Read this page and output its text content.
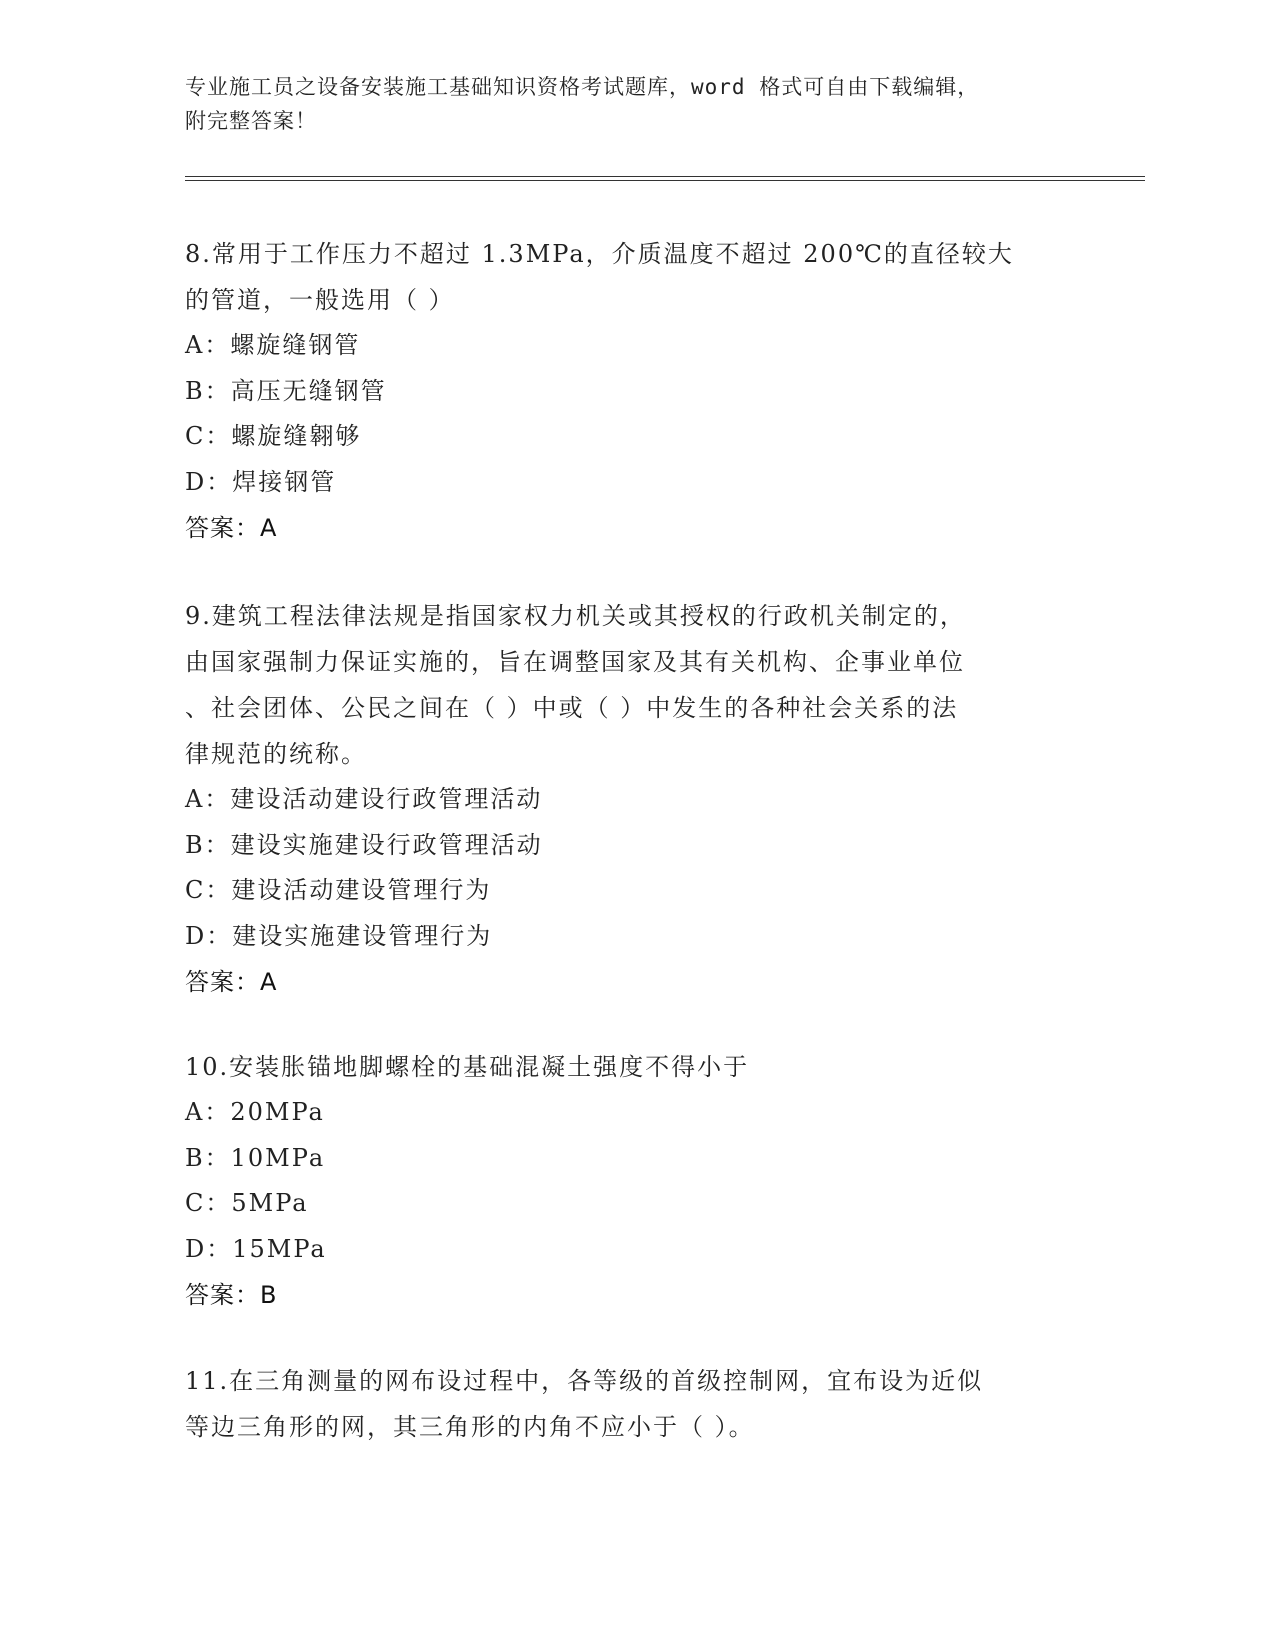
专业施工员之设备安装施工基础知识资格考试题库，word 格式可自由下载编辑，
附完整答案！

8.常用于工作压力不超过 1.3MPa，介质温度不超过 200℃的直径较大

的管道，一般选用（ ）

A：螺旋缝钢管

B：高压无缝钢管

C：螺旋缝翱够

D：焊接钢管

答案：A

9.建筑工程法律法规是指国家权力机关或其授权的行政机关制定的，

由国家强制力保证实施的，旨在调整国家及其有关机构、企事业单位

、社会团体、公民之间在（ ）中或（ ）中发生的各种社会关系的法

律规范的统称。

A：建设活动建设行政管理活动

B：建设实施建设行政管理活动

C：建设活动建设管理行为

D：建设实施建设管理行为

答案：A

10.安装胀锚地脚螺栓的基础混凝土强度不得小于

A：20MPa

B：10MPa

C：5MPa

D：15MPa

答案：B

11.在三角测量的网布设过程中，各等级的首级控制网，宜布设为近似

等边三角形的网，其三角形的内角不应小于（ ）。
